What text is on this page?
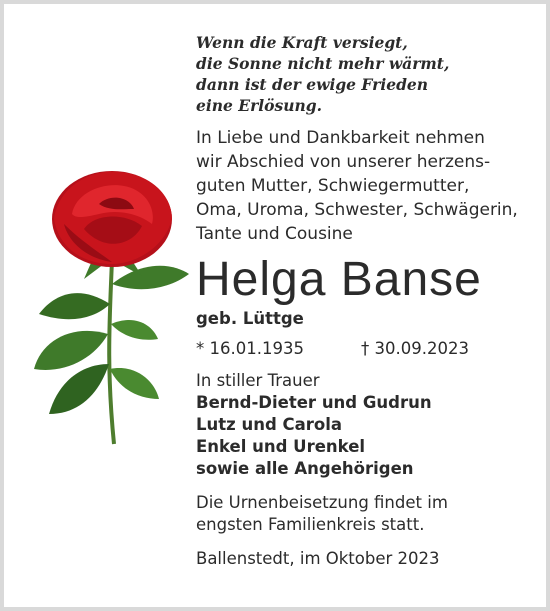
Wenn die Kraft versiegt,
die Sonne nicht mehr wärmt,
dann ist der ewige Frieden
eine Erlösung.

In Liebe und Dankbarkeit nehmen
wir Abschied von unserer herzens-
guten Mutter, Schwiegermutter,
Oma, Uroma, Schwester, Schwägerin,
Tante und Cousine

Helga Banse

geb. Lüttge

* 16.01.1935	† 30.09.2023

In stiller Trauer

Bernd-Dieter und Gudrun
Lutz und Carola
Enkel und Urenkel
sowie alle Angehörigen

Die Urnenbeisetzung findet im
engsten Familienkreis statt.

Ballenstedt, im Oktober 2023
